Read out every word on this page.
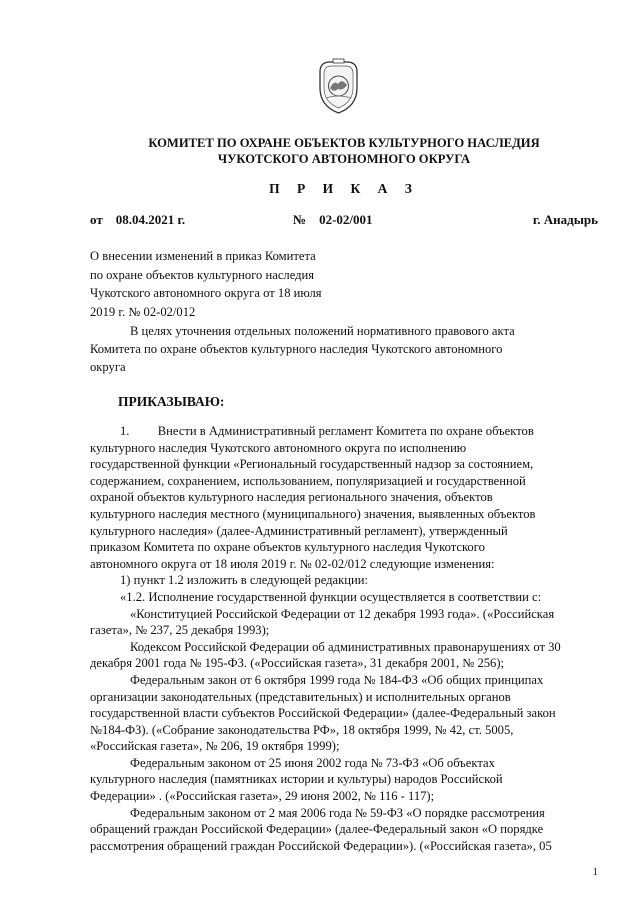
КОМИТЕТ ПО ОХРАНЕ ОБЪЕКТОВ КУЛЬТУРНОГО НАСЛЕДИЯ
ЧУКОТСКОГО АВТОНОМНОГО ОКРУГА
П Р И К А З
от    08.04.2021 г.	№    02-02/001	г. Анадырь
О внесении изменений в приказ Комитета
по охране объектов культурного наследия
Чукотского автономного округа от 18 июля
2019 г. № 02-02/012
В целях уточнения отдельных положений нормативного правового акта
Комитета по охране объектов культурного наследия Чукотского автономного
округа
ПРИКАЗЫВАЮ:
1.         Внести в Административный регламент Комитета по охране объектов
культурного наследия Чукотского автономного округа по исполнению
государственной функции «Региональный государственный надзор за состоянием,
содержанием, сохранением, использованием, популяризацией и государственной
охраной объектов культурного наследия регионального значения, объектов
культурного наследия местного (муниципального) значения, выявленных объектов
культурного наследия» (далее-Административный регламент), утвержденный
приказом Комитета по охране объектов культурного наследия Чукотского
автономного округа от 18 июля 2019 г. № 02-02/012 следующие изменения:
1) пункт 1.2 изложить в следующей редакции:
«1.2. Исполнение государственной функции осуществляется в соответствии с:
«Конституцией Российской Федерации от 12 декабря 1993 года». («Российская
газета», № 237, 25 декабря 1993);
Кодексом Российской Федерации об административных правонарушениях от 30
декабря 2001 года № 195-ФЗ. («Российская газета», 31 декабря 2001, № 256);
Федеральным закон от 6 октября 1999 года № 184-ФЗ «Об общих принципах
организации законодательных (представительных) и исполнительных органов
государственной власти субъектов Российской Федерации» (далее-Федеральный закон
№184-ФЗ). («Собрание законодательства РФ», 18 октября 1999, № 42, ст. 5005,
«Российская газета», № 206, 19 октября 1999);
Федеральным законом от 25 июня 2002 года № 73-ФЗ «Об объектах
культурного наследия (памятниках истории и культуры) народов Российской
Федерации» . («Российская газета», 29 июня 2002, № 116 - 117);
Федеральным законом от 2 мая 2006 года № 59-ФЗ «О порядке рассмотрения
обращений граждан Российской Федерации» (далее-Федеральный закон «О порядке
рассмотрения обращений граждан Российской Федерации»). («Российская газета», 05
1
